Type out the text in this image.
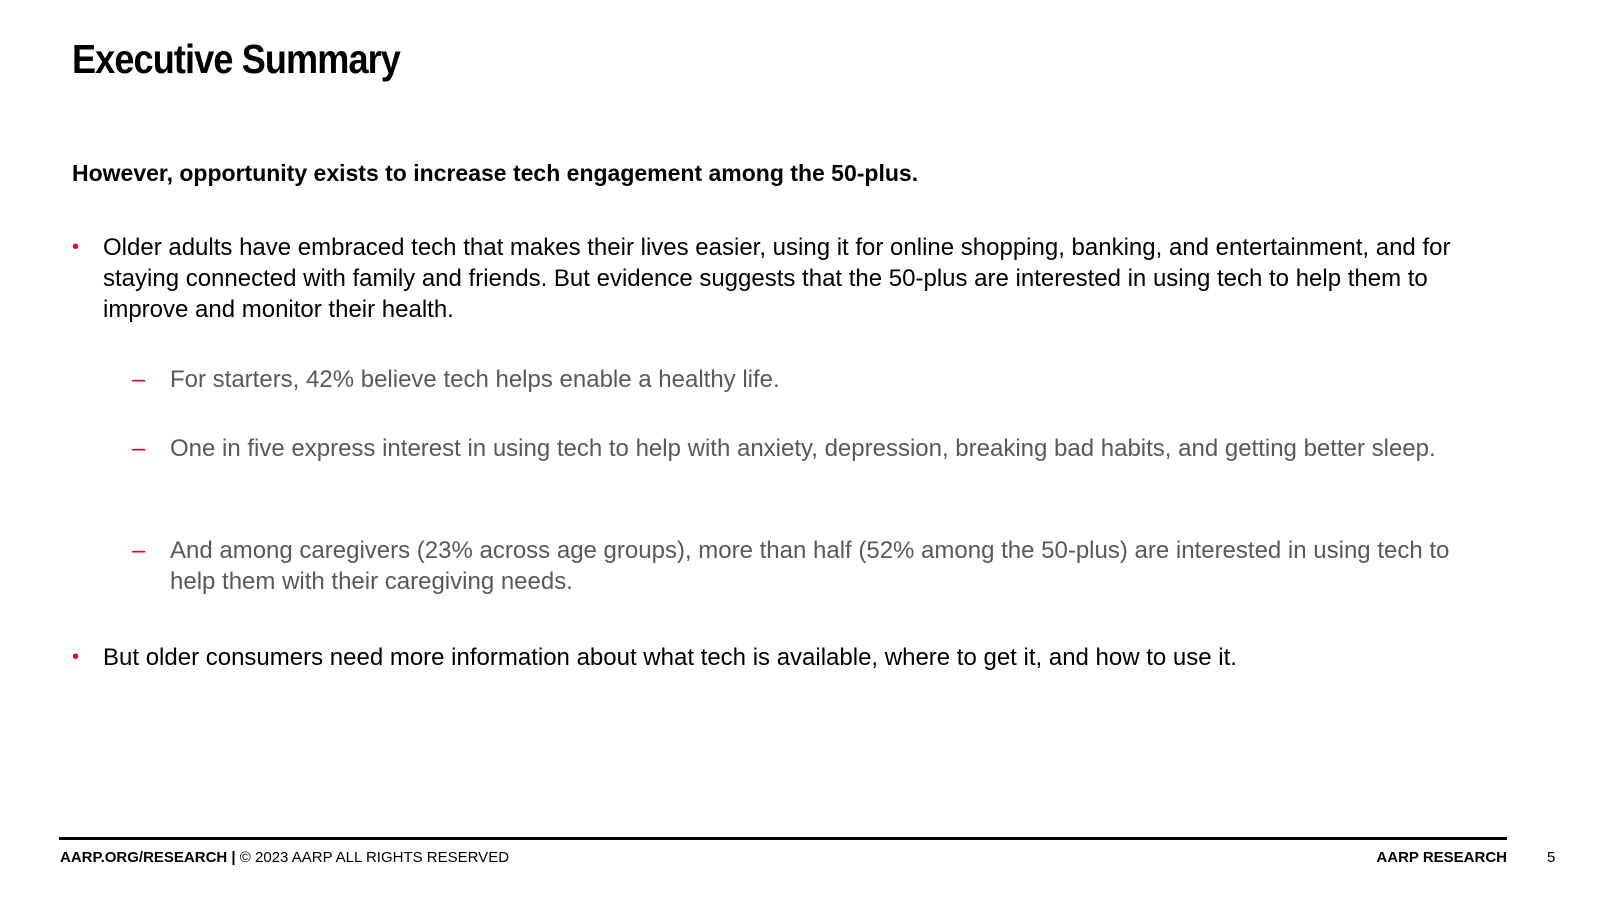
Executive Summary

However, opportunity exists to increase tech engagement among the 50-plus.

• Older adults have embraced tech that makes their lives easier, using it for online shopping, banking, and entertainment, and for staying connected with family and friends. But evidence suggests that the 50-plus are interested in using tech to help them to improve and monitor their health.
– For starters, 42% believe tech helps enable a healthy life.
– One in five express interest in using tech to help with anxiety, depression, breaking bad habits, and getting better sleep.
– And among caregivers (23% across age groups), more than half (52% among the 50-plus) are interested in using tech to help them with their caregiving needs.
• But older consumers need more information about what tech is available, where to get it, and how to use it.
AARP.ORG/RESEARCH | © 2023 AARP ALL RIGHTS RESERVED	AARP RESEARCH	5
